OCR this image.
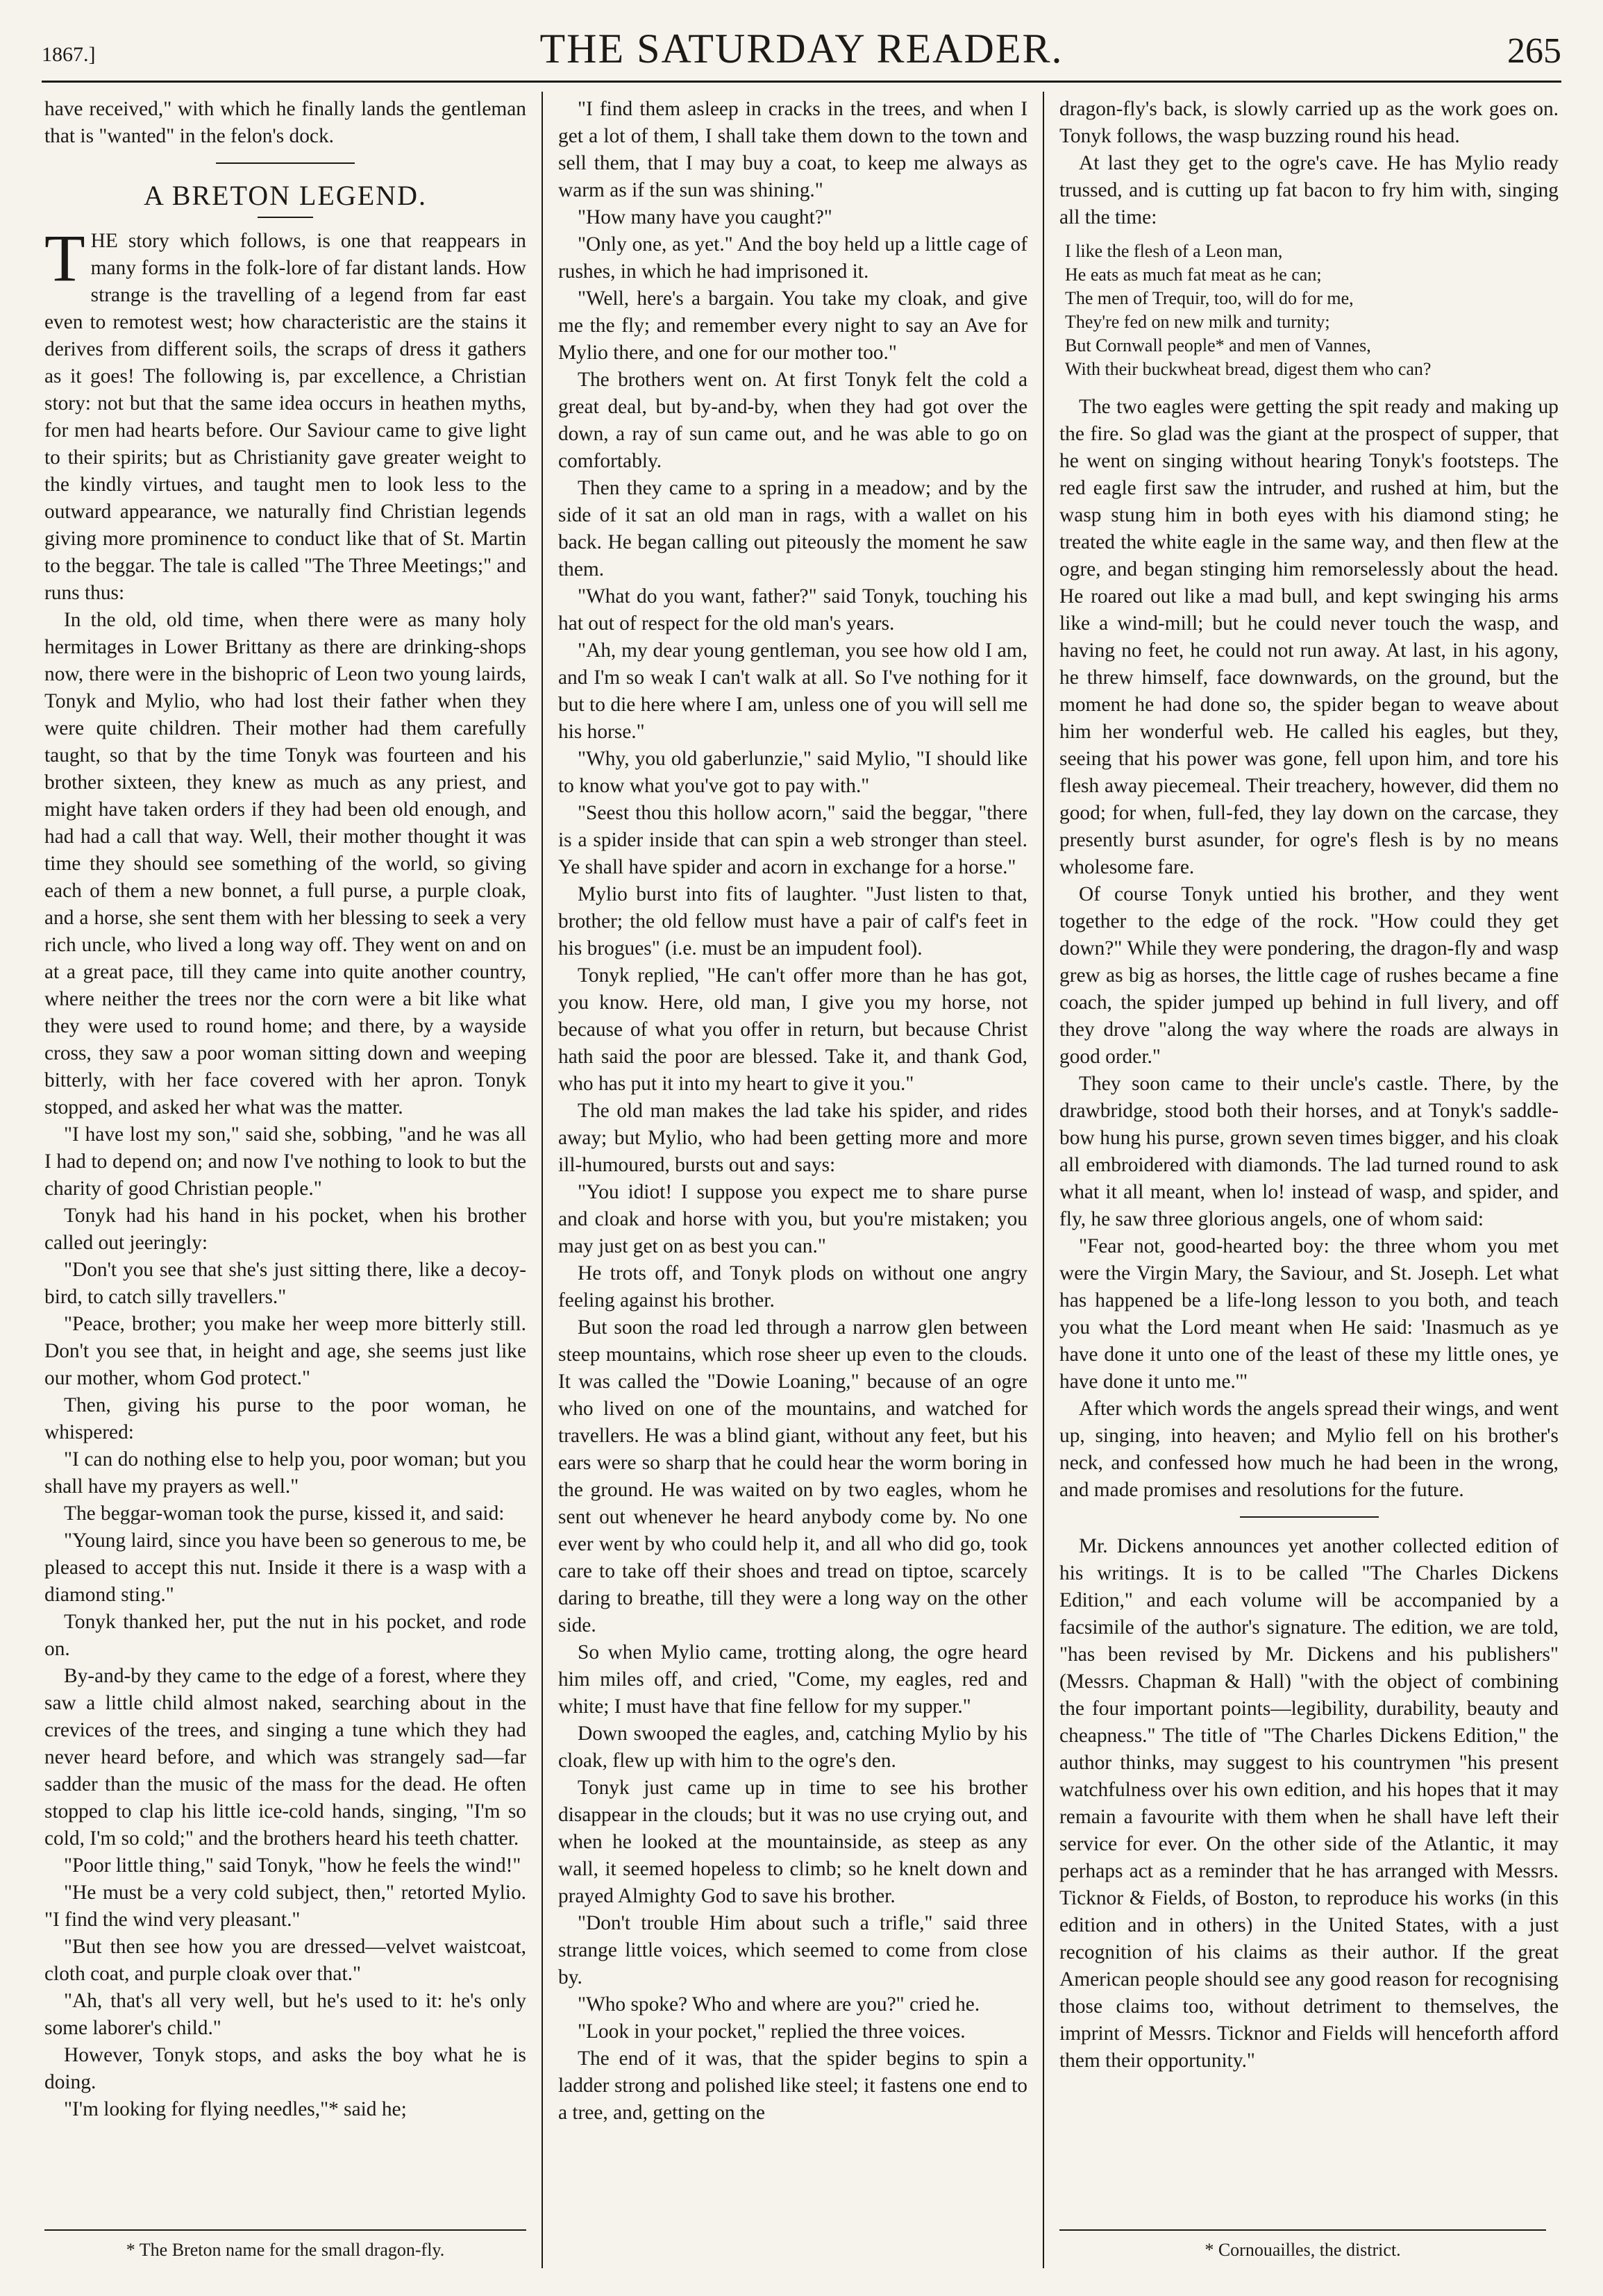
1867.]	THE SATURDAY READER.	265

have received," with which he finally lands the gentleman that is "wanted" in the felon's dock.

A BRETON LEGEND.

THE story which follows, is one that reappears in many forms in the folk-lore of far distant lands. How strange is the travelling of a legend from far east even to remotest west; how characteristic are the stains it derives from different soils, the scraps of dress it gathers as it goes! The following is, par excellence, a Christian story: not but that the same idea occurs in heathen myths, for men had hearts before. Our Saviour came to give light to their spirits; but as Christianity gave greater weight to the kindly virtues, and taught men to look less to the outward appearance, we naturally find Christian legends giving more prominence to conduct like that of St. Martin to the beggar. The tale is called "The Three Meetings;" and runs thus:

In the old, old time, when there were as many holy hermitages in Lower Brittany as there are drinking-shops now, there were in the bishopric of Leon two young lairds, Tonyk and Mylio, who had lost their father when they were quite children. Their mother had them carefully taught, so that by the time Tonyk was fourteen and his brother sixteen, they knew as much as any priest, and might have taken orders if they had been old enough, and had had a call that way. Well, their mother thought it was time they should see something of the world, so giving each of them a new bonnet, a full purse, a purple cloak, and a horse, she sent them with her blessing to seek a very rich uncle, who lived a long way off. They went on and on at a great pace, till they came into quite another country, where neither the trees nor the corn were a bit like what they were used to round home; and there, by a wayside cross, they saw a poor woman sitting down and weeping bitterly, with her face covered with her apron. Tonyk stopped, and asked her what was the matter.

"I have lost my son," said she, sobbing, "and he was all I had to depend on; and now I've nothing to look to but the charity of good Christian people."

Tonyk had his hand in his pocket, when his brother called out jeeringly:

"Don't you see that she's just sitting there, like a decoy-bird, to catch silly travellers."

"Peace, brother; you make her weep more bitterly still. Don't you see that, in height and age, she seems just like our mother, whom God protect."

Then, giving his purse to the poor woman, he whispered:

"I can do nothing else to help you, poor woman; but you shall have my prayers as well."

The beggar-woman took the purse, kissed it, and said:

"Young laird, since you have been so generous to me, be pleased to accept this nut. Inside it there is a wasp with a diamond sting."

Tonyk thanked her, put the nut in his pocket, and rode on.

By-and-by they came to the edge of a forest, where they saw a little child almost naked, searching about in the crevices of the trees, and singing a tune which they had never heard before, and which was strangely sad—far sadder than the music of the mass for the dead. He often stopped to clap his little ice-cold hands, singing, "I'm so cold, I'm so cold;" and the brothers heard his teeth chatter.

"Poor little thing," said Tonyk, "how he feels the wind!"

"He must be a very cold subject, then," retorted Mylio. "I find the wind very pleasant."

"But then see how you are dressed—velvet waistcoat, cloth coat, and purple cloak over that."

"Ah, that's all very well, but he's used to it: he's only some laborer's child."

However, Tonyk stops, and asks the boy what he is doing.

"I'm looking for flying needles,"* said he;

* The Breton name for the small dragon-fly.

"I find them asleep in cracks in the trees, and when I get a lot of them, I shall take them down to the town and sell them, that I may buy a coat, to keep me always as warm as if the sun was shining."

"How many have you caught?"

"Only one, as yet." And the boy held up a little cage of rushes, in which he had imprisoned it.

"Well, here's a bargain. You take my cloak, and give me the fly; and remember every night to say an Ave for Mylio there, and one for our mother too."

The brothers went on. At first Tonyk felt the cold a great deal, but by-and-by, when they had got over the down, a ray of sun came out, and he was able to go on comfortably.

Then they came to a spring in a meadow; and by the side of it sat an old man in rags, with a wallet on his back. He began calling out piteously the moment he saw them.

"What do you want, father?" said Tonyk, touching his hat out of respect for the old man's years.

"Ah, my dear young gentleman, you see how old I am, and I'm so weak I can't walk at all. So I've nothing for it but to die here where I am, unless one of you will sell me his horse."

"Why, you old gaberlunzie," said Mylio, "I should like to know what you've got to pay with."

"Seest thou this hollow acorn," said the beggar, "there is a spider inside that can spin a web stronger than steel. Ye shall have spider and acorn in exchange for a horse."

Mylio burst into fits of laughter. "Just listen to that, brother; the old fellow must have a pair of calf's feet in his brogues" (i.e. must be an impudent fool).

Tonyk replied, "He can't offer more than he has got, you know. Here, old man, I give you my horse, not because of what you offer in return, but because Christ hath said the poor are blessed. Take it, and thank God, who has put it into my heart to give it you."

The old man makes the lad take his spider, and rides away; but Mylio, who had been getting more and more ill-humoured, bursts out and says:

"You idiot! I suppose you expect me to share purse and cloak and horse with you, but you're mistaken; you may just get on as best you can."

He trots off, and Tonyk plods on without one angry feeling against his brother.

But soon the road led through a narrow glen between steep mountains, which rose sheer up even to the clouds. It was called the "Dowie Loaning," because of an ogre who lived on one of the mountains, and watched for travellers. He was a blind giant, without any feet, but his ears were so sharp that he could hear the worm boring in the ground. He was waited on by two eagles, whom he sent out whenever he heard anybody come by. No one ever went by who could help it, and all who did go, took care to take off their shoes and tread on tiptoe, scarcely daring to breathe, till they were a long way on the other side.

So when Mylio came, trotting along, the ogre heard him miles off, and cried, "Come, my eagles, red and white; I must have that fine fellow for my supper."

Down swooped the eagles, and, catching Mylio by his cloak, flew up with him to the ogre's den.

Tonyk just came up in time to see his brother disappear in the clouds; but it was no use crying out, and when he looked at the mountainside, as steep as any wall, it seemed hopeless to climb; so he knelt down and prayed Almighty God to save his brother.

"Don't trouble Him about such a trifle," said three strange little voices, which seemed to come from close by.

"Who spoke? Who and where are you?" cried he.

"Look in your pocket," replied the three voices.

The end of it was, that the spider begins to spin a ladder strong and polished like steel; it fastens one end to a tree, and, getting on the

dragon-fly's back, is slowly carried up as the work goes on. Tonyk follows, the wasp buzzing round his head.

At last they get to the ogre's cave. He has Mylio ready trussed, and is cutting up fat bacon to fry him with, singing all the time:

I like the flesh of a Leon man,
He eats as much fat meat as he can;
The men of Trequir, too, will do for me,
They're fed on new milk and turnity;
But Cornwall people* and men of Vannes,
With their buckwheat bread, digest them who can?

The two eagles were getting the spit ready and making up the fire. So glad was the giant at the prospect of supper, that he went on singing without hearing Tonyk's footsteps. The red eagle first saw the intruder, and rushed at him, but the wasp stung him in both eyes with his diamond sting; he treated the white eagle in the same way, and then flew at the ogre, and began stinging him remorselessly about the head. He roared out like a mad bull, and kept swinging his arms like a wind-mill; but he could never touch the wasp, and having no feet, he could not run away. At last, in his agony, he threw himself, face downwards, on the ground, but the moment he had done so, the spider began to weave about him her wonderful web. He called his eagles, but they, seeing that his power was gone, fell upon him, and tore his flesh away piecemeal. Their treachery, however, did them no good; for when, full-fed, they lay down on the carcase, they presently burst asunder, for ogre's flesh is by no means wholesome fare.

Of course Tonyk untied his brother, and they went together to the edge of the rock. "How could they get down?" While they were pondering, the dragon-fly and wasp grew as big as horses, the little cage of rushes became a fine coach, the spider jumped up behind in full livery, and off they drove "along the way where the roads are always in good order."

They soon came to their uncle's castle. There, by the drawbridge, stood both their horses, and at Tonyk's saddle-bow hung his purse, grown seven times bigger, and his cloak all embroidered with diamonds. The lad turned round to ask what it all meant, when lo! instead of wasp, and spider, and fly, he saw three glorious angels, one of whom said:

"Fear not, good-hearted boy: the three whom you met were the Virgin Mary, the Saviour, and St. Joseph. Let what has happened be a life-long lesson to you both, and teach you what the Lord meant when He said: 'Inasmuch as ye have done it unto one of the least of these my little ones, ye have done it unto me.'"

After which words the angels spread their wings, and went up, singing, into heaven; and Mylio fell on his brother's neck, and confessed how much he had been in the wrong, and made promises and resolutions for the future.

Mr. Dickens announces yet another collected edition of his writings. It is to be called "The Charles Dickens Edition," and each volume will be accompanied by a facsimile of the author's signature. The edition, we are told, "has been revised by Mr. Dickens and his publishers" (Messrs. Chapman & Hall) "with the object of combining the four important points—legibility, durability, beauty and cheapness." The title of "The Charles Dickens Edition," the author thinks, may suggest to his countrymen "his present watchfulness over his own edition, and his hopes that it may remain a favourite with them when he shall have left their service for ever. On the other side of the Atlantic, it may perhaps act as a reminder that he has arranged with Messrs. Ticknor & Fields, of Boston, to reproduce his works (in this edition and in others) in the United States, with a just recognition of his claims as their author. If the great American people should see any good reason for recognising those claims too, without detriment to themselves, the imprint of Messrs. Ticknor and Fields will henceforth afford them their opportunity."

* Cornouailles, the district.
